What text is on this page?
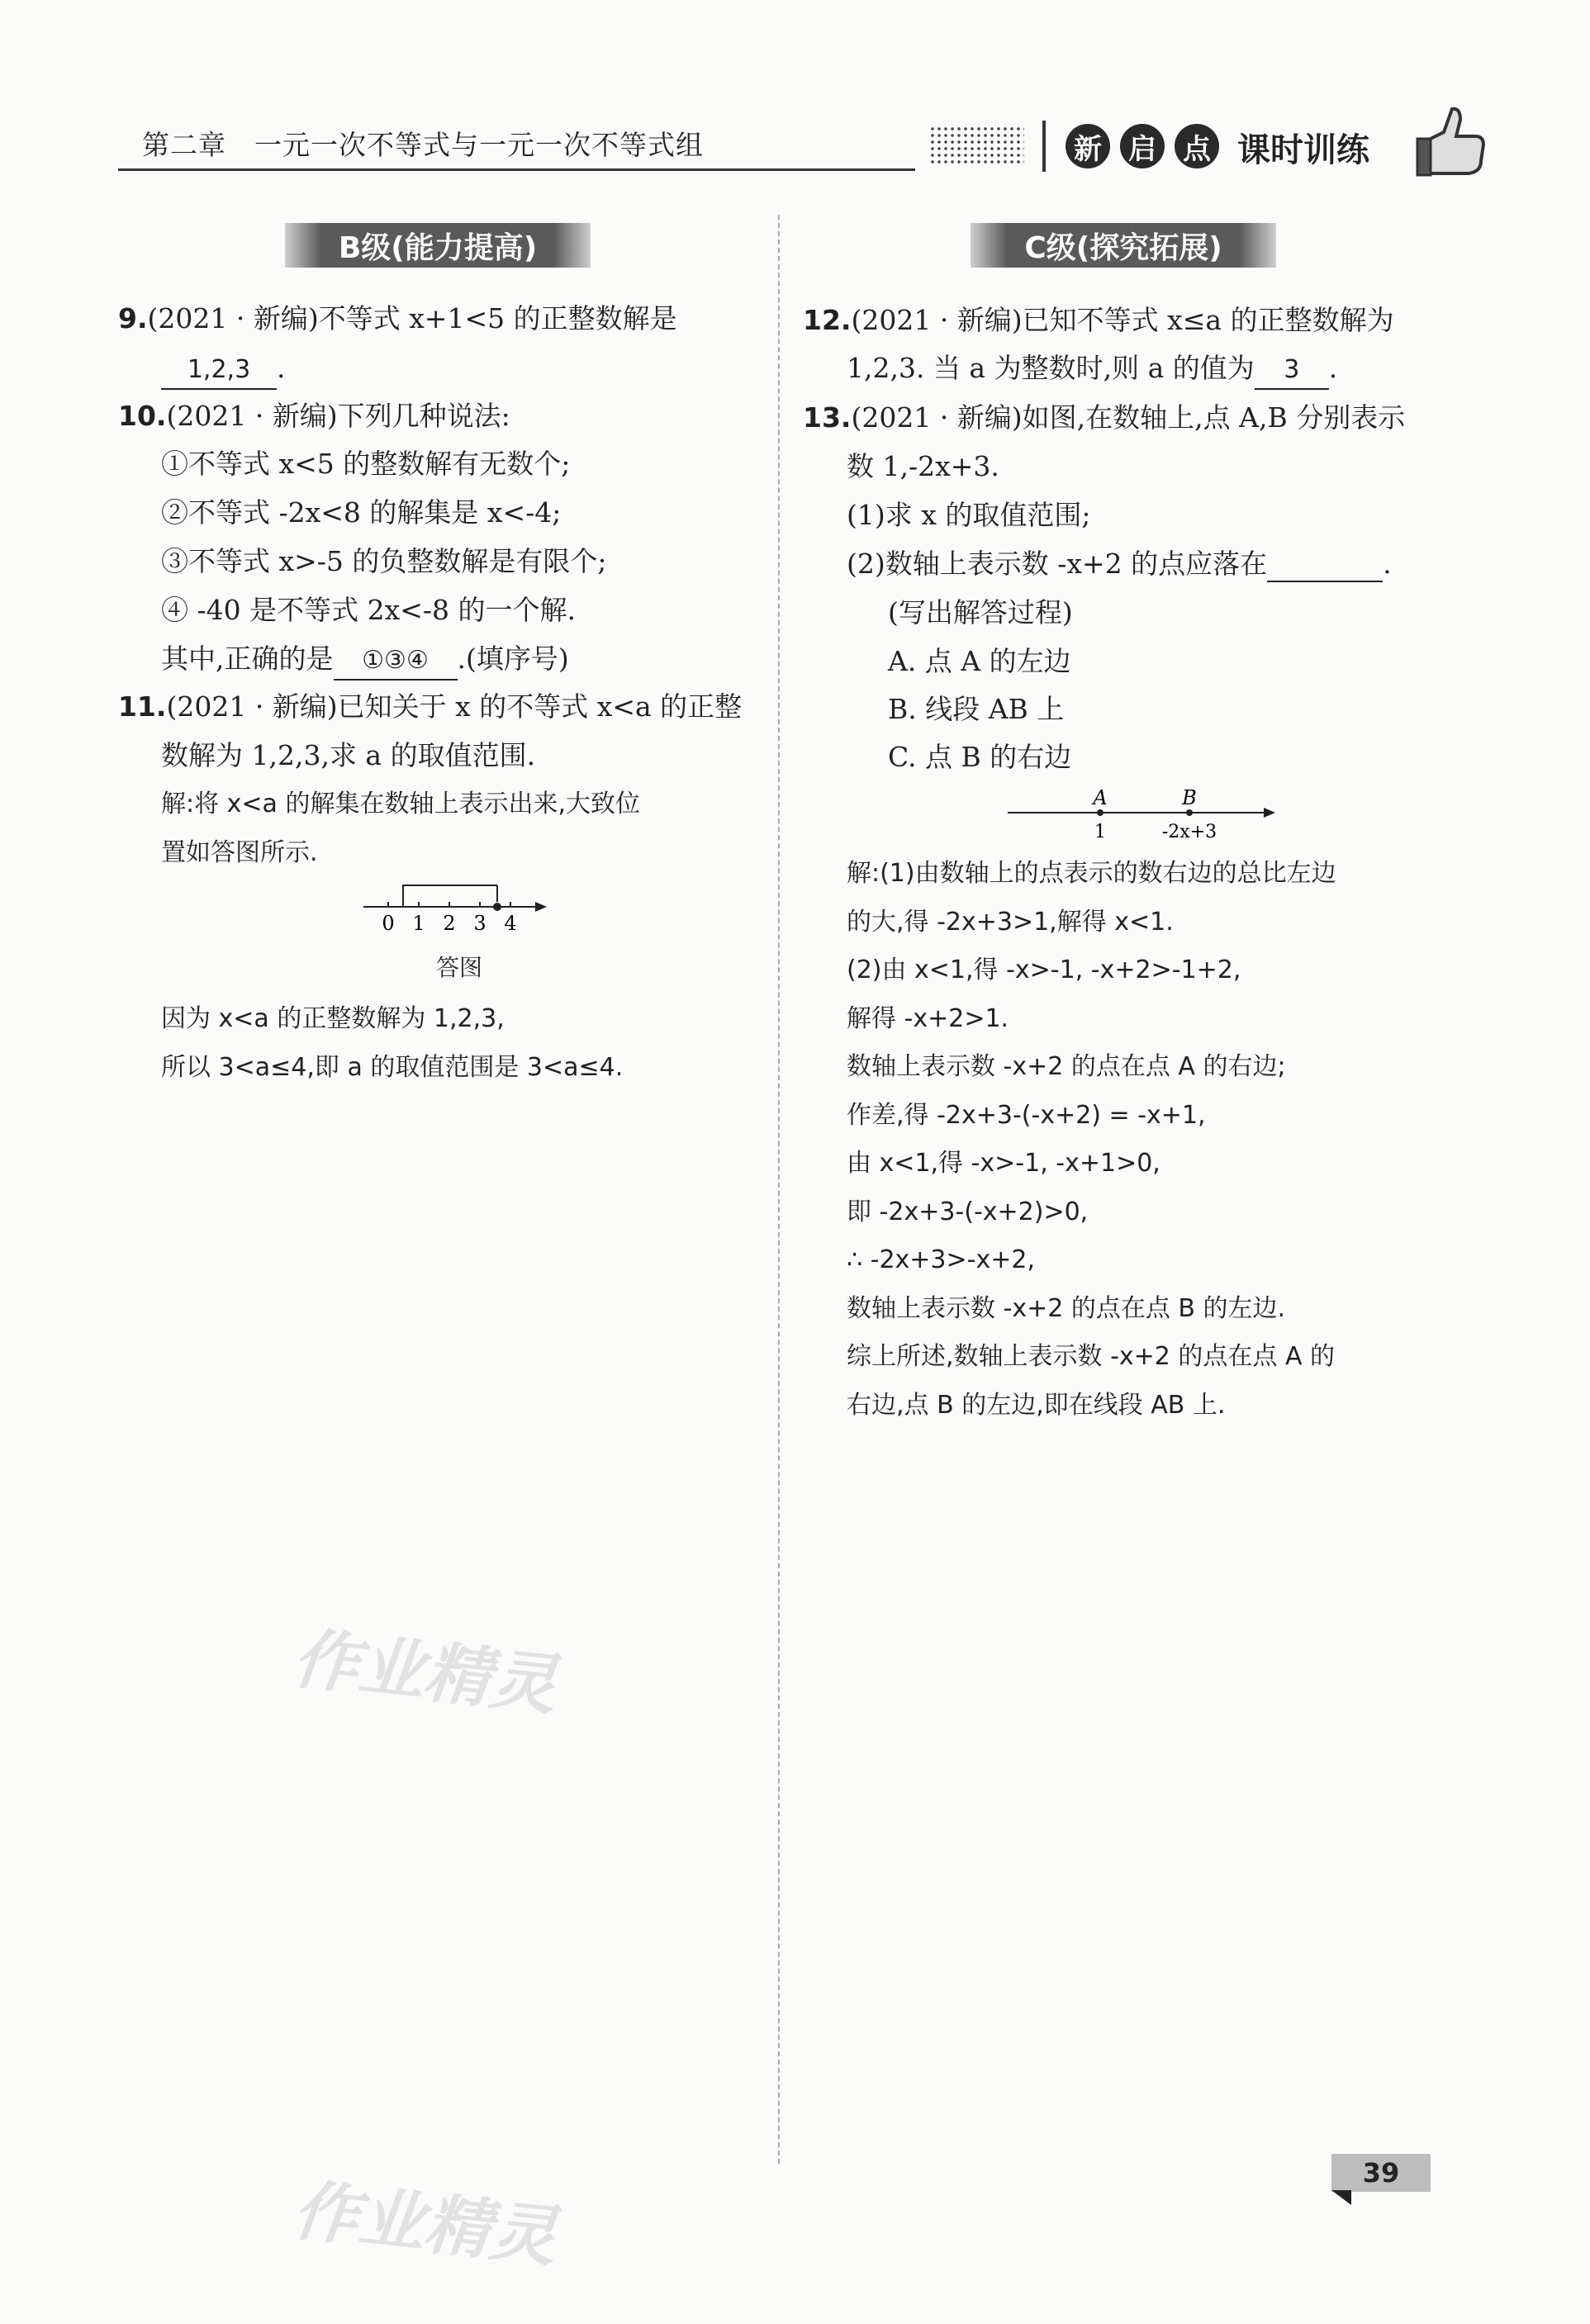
第二章　一元一次不等式与一元一次不等式组	新 启 点 课时训练
B级(能力提高)
9.(2021 · 新编)不等式 x+1<5 的正整数解是
1,2,3 .
10.(2021 · 新编)下列几种说法:
①不等式 x<5 的整数解有无数个;
②不等式 -2x<8 的解集是 x<-4;
③不等式 x>-5 的负整数解是有限个;
④ -40 是不等式 2x<-8 的一个解.
其中,正确的是 ①③④ .(填序号)
11.(2021 · 新编)已知关于 x 的不等式 x<a 的正整
数解为 1,2,3,求 a 的取值范围.
解:将 x<a 的解集在数轴上表示出来,大致位
置如答图所示.
0 1 2 3 4
答图
因为 x<a 的正整数解为 1,2,3,
所以 3<a≤4,即 a 的取值范围是 3<a≤4.
C级(探究拓展)
12.(2021 · 新编)已知不等式 x≤a 的正整数解为
1,2,3. 当 a 为整数时,则 a 的值为 3 .
13.(2021 · 新编)如图,在数轴上,点 A,B 分别表示
数 1,-2x+3.
(1)求 x 的取值范围;
(2)数轴上表示数 -x+2 的点应落在	.
(写出解答过程)
A. 点 A 的左边
B. 线段 AB 上
C. 点 B 的右边
A	B
1	-2x+3
解:(1)由数轴上的点表示的数右边的总比左边
的大,得 -2x+3>1,解得 x<1.
(2)由 x<1,得 -x>-1, -x+2>-1+2,
解得 -x+2>1.
数轴上表示数 -x+2 的点在点 A 的右边;
作差,得 -2x+3-(-x+2) = -x+1,
由 x<1,得 -x>-1, -x+1>0,
即 -2x+3-(-x+2)>0,
∴ -2x+3>-x+2,
数轴上表示数 -x+2 的点在点 B 的左边.
综上所述,数轴上表示数 -x+2 的点在点 A 的
右边,点 B 的左边,即在线段 AB 上.
作业精灵
作业精灵	39
